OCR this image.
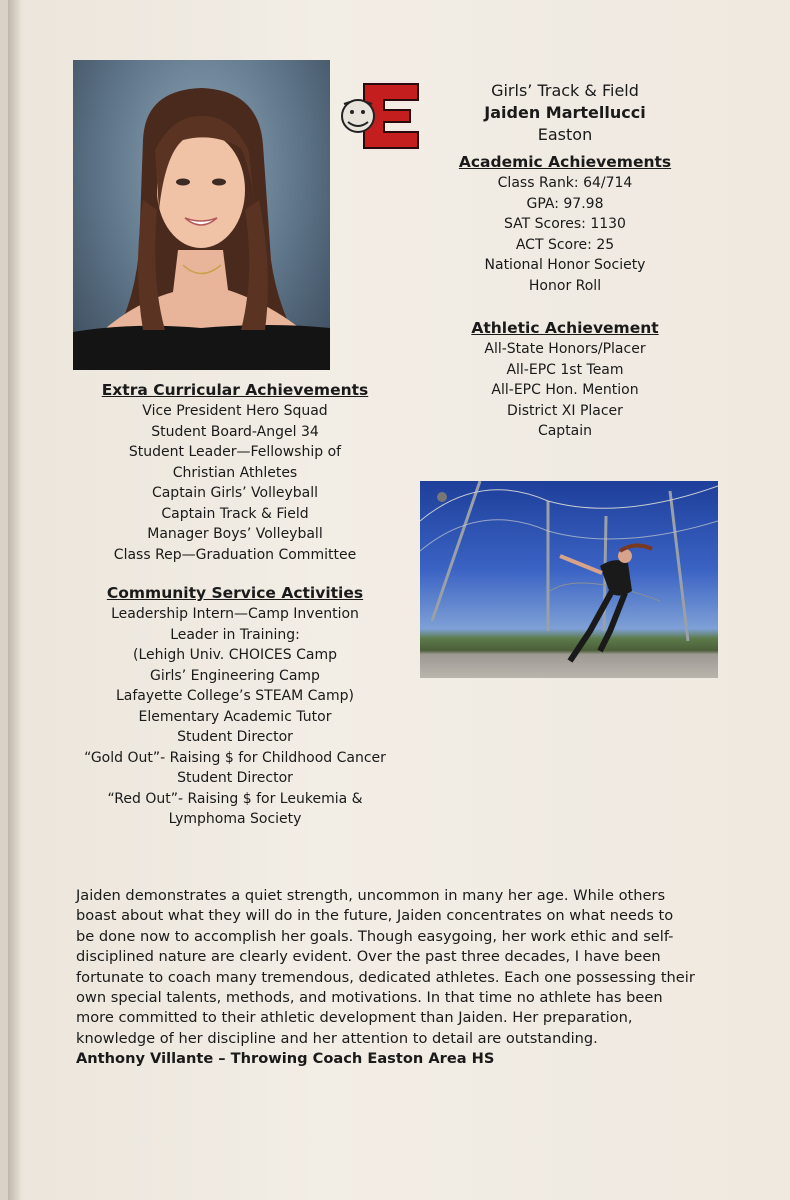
Girls’ Track & Field
Jaiden Martellucci
Easton
Academic Achievements
Class Rank: 64/714
GPA: 97.98
SAT Scores: 1130
ACT Score: 25
National Honor Society
Honor Roll
Athletic Achievement
All-State Honors/Placer
All-EPC 1st Team
All-EPC Hon. Mention
District XI Placer
Captain
Extra Curricular Achievements
Vice President Hero Squad
Student Board-Angel 34
Student Leader—Fellowship of
Christian Athletes
Captain Girls’ Volleyball
Captain Track & Field
Manager Boys’ Volleyball
Class Rep—Graduation Committee
Community Service Activities
Leadership Intern—Camp Invention
Leader in Training:
(Lehigh Univ. CHOICES Camp
Girls’ Engineering Camp
Lafayette College’s STEAM Camp)
Elementary Academic Tutor
Student Director
“Gold Out”- Raising $ for Childhood Cancer
Student Director
“Red Out”- Raising $ for Leukemia &
Lymphoma Society

Jaiden demonstrates a quiet strength, uncommon in many her age. While others

boast about what they will do in the future, Jaiden concentrates on what needs to

be done now to accomplish her goals. Though easygoing, her work ethic and self-

disciplined nature are clearly evident. Over the past three decades, I have been

fortunate to coach many tremendous, dedicated athletes. Each one possessing their

own special talents, methods, and motivations. In that time no athlete has been

more committed to their athletic development than Jaiden. Her preparation,

knowledge of her discipline and her attention to detail are outstanding.

Anthony Villante – Throwing Coach Easton Area HS
